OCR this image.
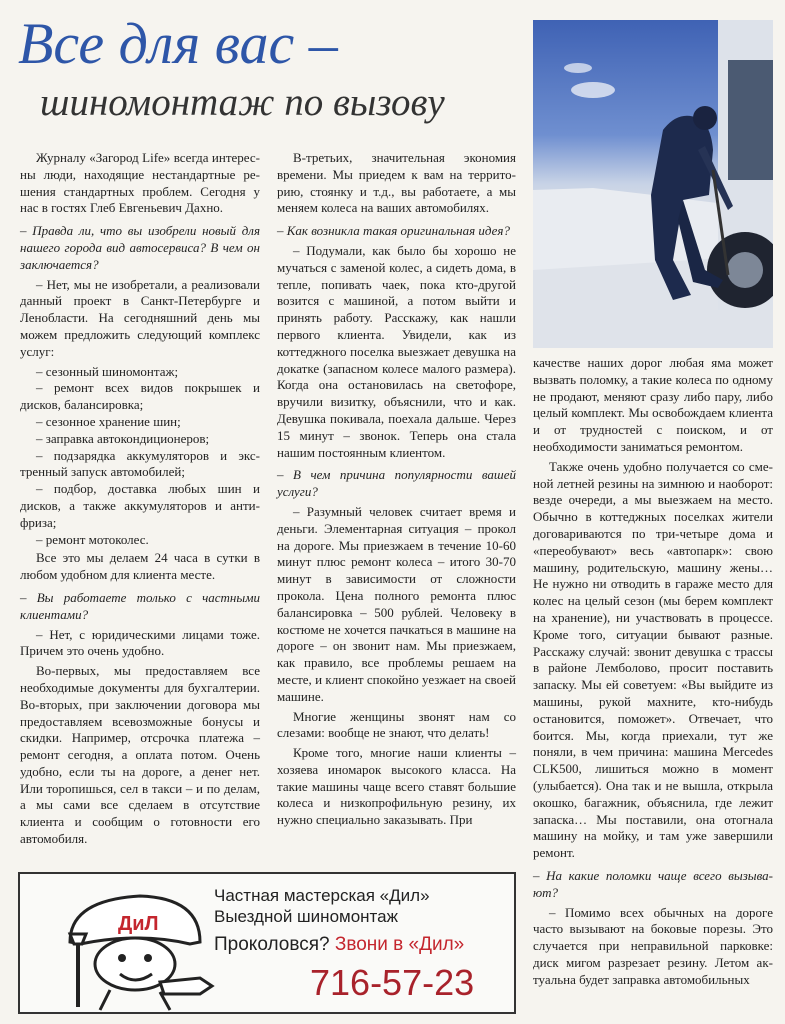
Все для вас –
шиномонтаж по вызову

Журналу «Загород Life» всегда интересны люди, находящие нестандартные решения стандартных проблем. Сегодня у нас в гостях Глеб Евгеньевич Дахно.

– Правда ли, что вы изобрели новый для нашего города вид автосервиса? В чем он заключается?

– Нет, мы не изобретали, а реализовали данный проект в Санкт-Петербурге и Ленобласти. На сегодняшний день мы можем предложить следующий комплекс услуг:

– сезонный шиномонтаж;
– ремонт всех видов покрышек и дисков, балансировка;
– сезонное хранение шин;
– заправка автокондиционеров;
– подзарядка аккумуляторов и экстренный запуск автомобилей;
– подбор, доставка любых шин и дисков, а также аккумуляторов и антифриза;
– ремонт мотоколес.

Все это мы делаем 24 часа в сутки в любом удобном для клиента месте.

– Вы работаете только с частными клиентами?

– Нет, с юридическими лицами тоже. Причем это очень удобно.

Во-первых, мы предоставляем все необходимые документы для бухгалтерии. Во-вторых, при заключении договора мы предоставляем всевозможные бонусы и скидки. Например, отсрочка платежа – ремонт сегодня, а оплата потом. Очень удобно, если ты на дороге, а денег нет. Или торопишься, сел в такси – и по делам, а мы сами все сделаем в отсутствие клиента и сообщим о готовности его автомобиля.

В-третьих, значительная экономия времени. Мы приедем к вам на территорию, стоянку и т.д., вы работаете, а мы меняем колеса на ваших автомобилях.

– Как возникла такая оригинальная идея?

– Подумали, как было бы хорошо не мучаться с заменой колес, а сидеть дома, в тепле, попивать чаек, пока кто-другой возится с машиной, а потом выйти и принять работу. Расскажу, как нашли первого клиента. Увидели, как из коттеджного поселка выезжает девушка на докатке (запасном колесе малого размера). Когда она остановилась на светофоре, вручили визитку, объяснили, что и как. Девушка покивала, поехала дальше. Через 15 минут – звонок. Теперь она стала нашим постоянным клиентом.

– В чем причина популярности вашей услуги?

– Разумный человек считает время и деньги. Элементарная ситуация – прокол на дороге. Мы приезжаем в течение 10-60 минут плюс ремонт колеса – итого 30-70 минут в зависимости от сложности прокола. Цена полного ремонта плюс балансировка – 500 рублей. Человеку в костюме не хочется пачкаться в машине на дороге – он звонит нам. Мы приезжаем, как правило, все проблемы решаем на месте, и клиент спокойно уезжает на своей машине.

Многие женщины звонят нам со слезами: вообще не знают, что делать!

Кроме того, многие наши клиенты – хозяева иномарок высокого класса. На такие машины чаще всего ставят большие колеса и низкопрофильную резину, их нужно специально заказывать. При

качестве наших дорог любая яма может вызвать поломку, а такие колеса по одному не продают, меняют сразу либо пару, либо целый комплект. Мы освобождаем клиента и от трудностей с поиском, и от необходимости заниматься ремонтом.

Также очень удобно получается со сменой летней резины на зимнюю и наоборот: везде очереди, а мы выезжаем на место. Обычно в коттеджных поселках жители договариваются по три-четыре дома и «переобувают» весь «автопарк»: свою машину, родительскую, машину жены… Не нужно ни отводить в гараже место для колес на целый сезон (мы берем комплект на хранение), ни участвовать в процессе. Кроме того, ситуации бывают разные. Расскажу случай: звонит девушка с трассы в районе Лемболово, просит поставить запаску. Мы ей советуем: «Вы выйдите из машины, рукой махните, кто-нибудь остановится, поможет». Отвечает, что боится. Мы, когда приехали, тут же поняли, в чем причина: машина Mercedes CLK500, лишиться можно в момент (улыбается). Она так и не вышла, открыла окошко, багажник, объяснила, где лежит запаска… Мы поставили, она отогнала машину на мойку, и там уже завершили ремонт.

– На какие поломки чаще всего вызывают?

– Помимо всех обычных на дороге часто вызывают на боковые порезы. Это случается при неправильной парковке: диск мигом разрезает резину. Летом актуальна будет заправка автомобильных

ДиЛ
Частная мастерская «Дил»
Выездной шиномонтаж
Проколовся? Звони в «Дил»
716-57-23
